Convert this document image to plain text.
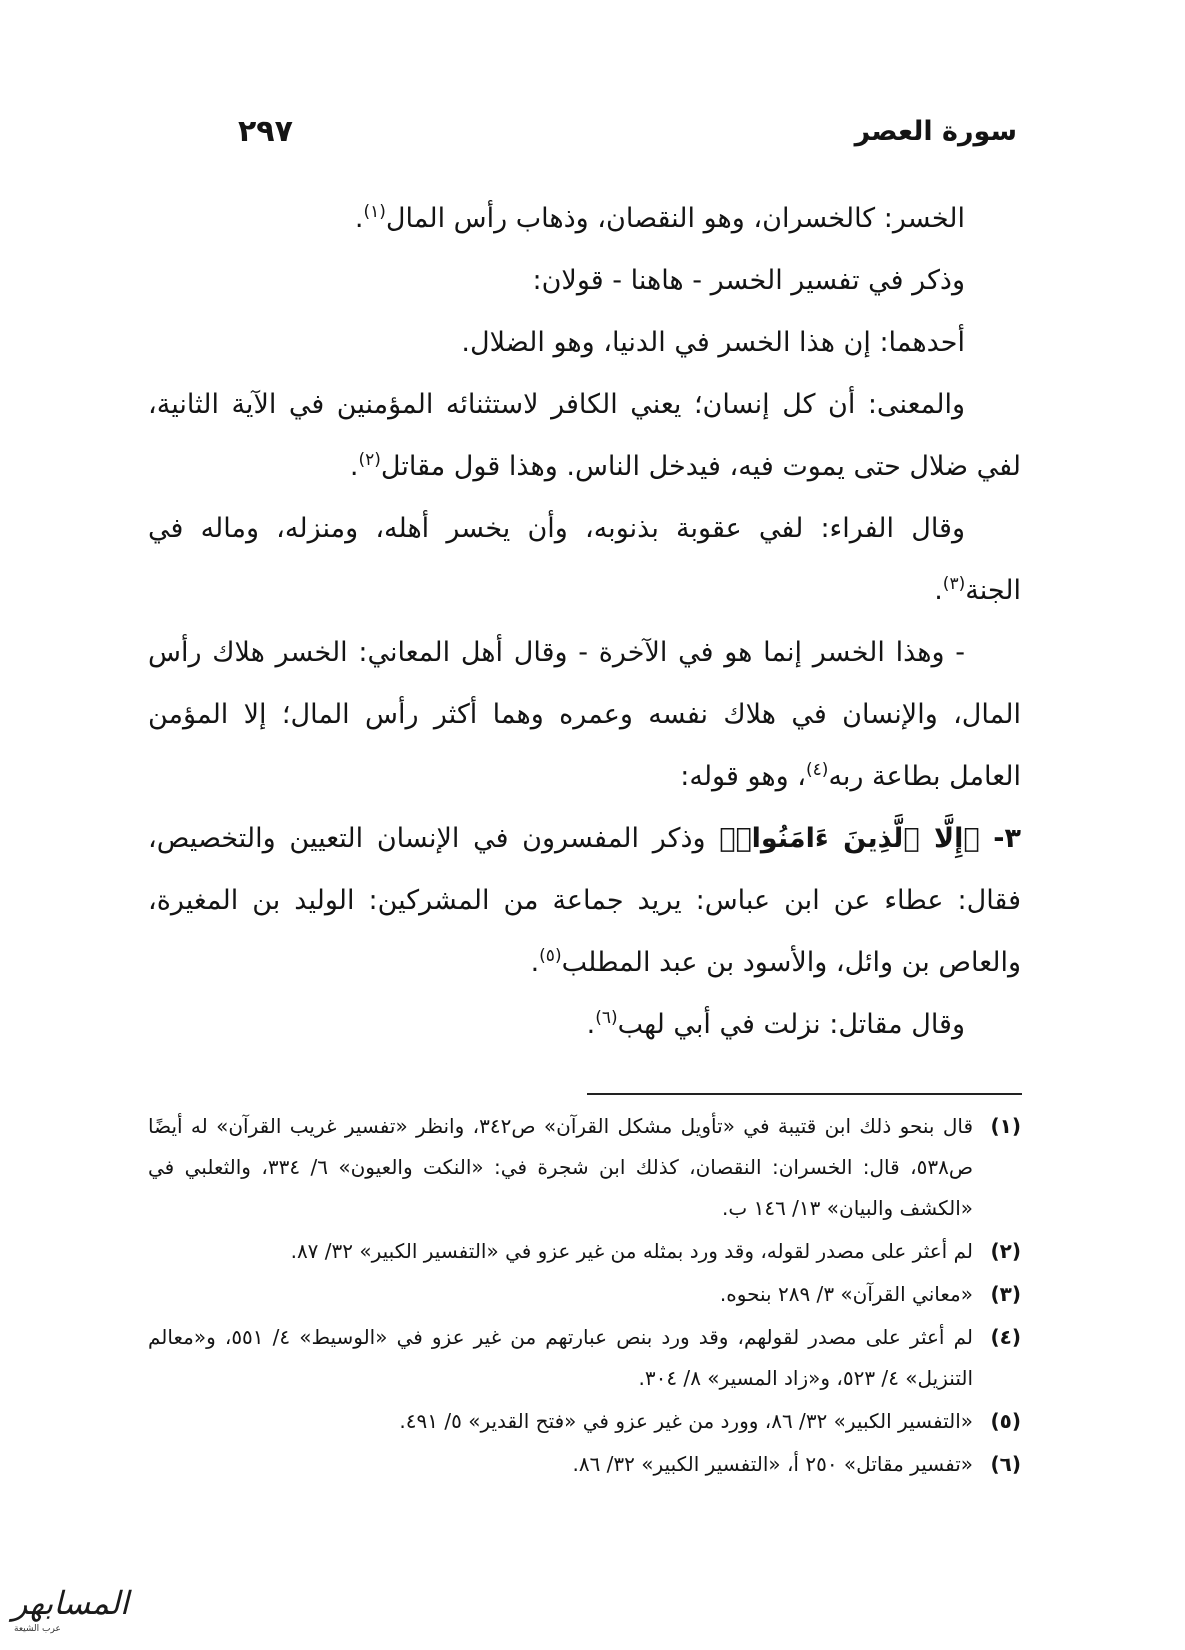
سورة العصر
٢٩٧

الخسر: كالخسران، وهو النقصان، وذهاب رأس المال$^{(١)}$.

وذكر في تفسير الخسر - هاهنا - قولان:

أحدهما: إن هذا الخسر في الدنيا، وهو الضلال.

والمعنى: أن كل إنسان؛ يعني الكافر لاستثنائه المؤمنين في الآية الثانية، لفي ضلال حتى يموت فيه، فيدخل الناس. وهذا قول مقاتل$^{(٢)}$.

وقال الفراء: لفي عقوبة بذنوبه، وأن يخسر أهله، ومنزله، وماله في الجنة$^{(٣)}$.

- وهذا الخسر إنما هو في الآخرة - وقال أهل المعاني: الخسر هلاك رأس المال، والإنسان في هلاك نفسه وعمره وهما أكثر رأس المال؛ إلا المؤمن العامل بطاعة ربه$^{(٤)}$، وهو قوله:

٣- ﴿إِلَّا ٱلَّذِينَ ءَامَنُوا۟﴾ وذكر المفسرون في الإنسان التعيين والتخصيص، فقال: عطاء عن ابن عباس: يريد جماعة من المشركين: الوليد بن المغيرة، والعاص بن وائل، والأسود بن عبد المطلب$^{(٥)}$.

وقال مقاتل: نزلت في أبي لهب$^{(٦)}$.

(١)
قال بنحو ذلك ابن قتيبة في «تأويل مشكل القرآن» ص٣٤٢، وانظر «تفسير غريب القرآن» له أيضًا ص٥٣٨، قال: الخسران: النقصان، كذلك ابن شجرة في: «النكت والعيون» ٦/ ٣٣٤، والثعلبي في «الكشف والبيان» ١٣/ ١٤٦ ب.
(٢)
لم أعثر على مصدر لقوله، وقد ورد بمثله من غير عزو في «التفسير الكبير» ٣٢/ ٨٧.
(٣)
«معاني القرآن» ٣/ ٢٨٩ بنحوه.
(٤)
لم أعثر على مصدر لقولهم، وقد ورد بنص عبارتهم من غير عزو في «الوسيط» ٤/ ٥٥١، و«معالم التنزيل» ٤/ ٥٢٣، و«زاد المسير» ٨/ ٣٠٤.
(٥)
«التفسير الكبير» ٣٢/ ٨٦، وورد من غير عزو في «فتح القدير» ٥/ ٤٩١.
(٦)
«تفسير مقاتل» ٢٥٠ أ، «التفسير الكبير» ٣٢/ ٨٦.
المسابهر
عرب الشيعة
